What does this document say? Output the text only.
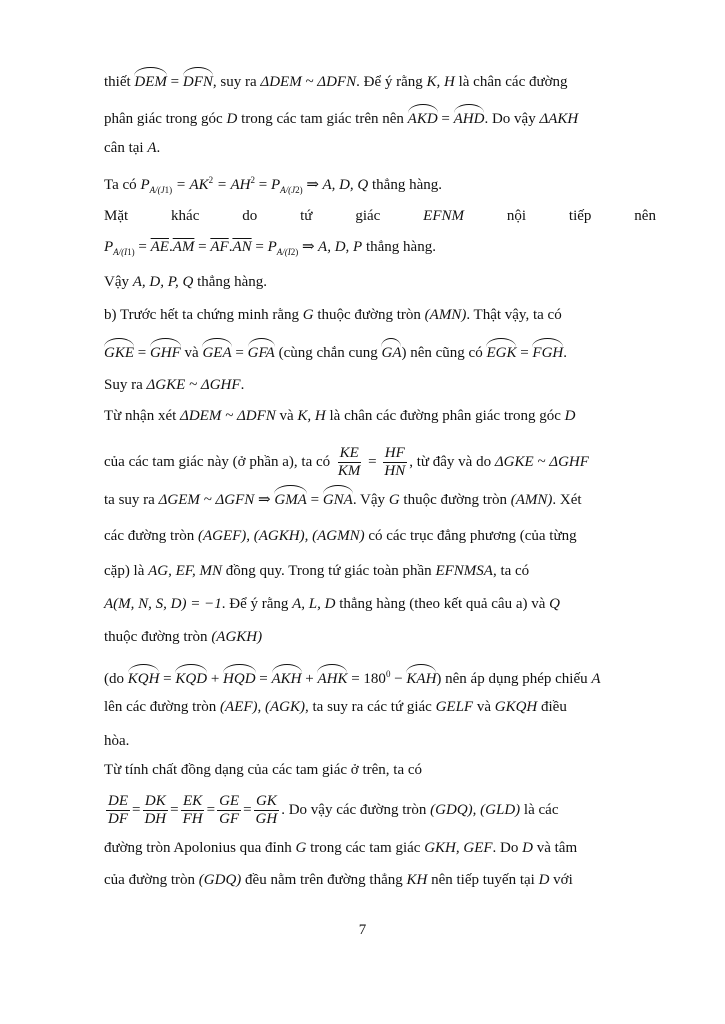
thiết DEM = DFN, suy ra ΔDEM ~ ΔDFN. Để ý rằng K, H là chân các đường
phân giác trong góc D trong các tam giác trên nên AKD = AHD. Do vậy ΔAKH
cân tại A.
Ta có $P_{A/(J1)} = AK^2 = AH^2 = P_{A/(J2)}$ ⇒ A, D, Q thẳng hàng.
Mặt	khác	do	tứ	giác	EFNM	nội	tiếp	nên
$P_{A/(I1)} = \overline{AE}.\overline{AM} = \overline{AF}.\overline{AN} = P_{A/(I2)}$ ⇒ A, D, P thẳng hàng.
Vậy A, D, P, Q thẳng hàng.
b) Trước hết ta chứng minh rằng G thuộc đường tròn (AMN). Thật vậy, ta có
GKE = GHF và GEA = GFA (cùng chắn cung GA) nên cũng có EGK = FGH.
Suy ra ΔGKE ~ ΔGHF.
Từ nhận xét ΔDEM ~ ΔDFN và K, H là chân các đường phân giác trong góc D
của các tam giác này (ở phần a), ta có $\frac{KE}{KM} = \frac{HF}{HN}$ , từ đây và do ΔGKE ~ ΔGHF
ta suy ra ΔGEM ~ ΔGFN ⇒ GMA = GNA. Vậy G thuộc đường tròn (AMN). Xét
các đường tròn (AGEF), (AGKH), (AGMN) có các trục đẳng phương (của từng
cặp) là AG, EF, MN đồng quy. Trong tứ giác toàn phần EFNMSA, ta có
A(M, N, S, D) = −1. Để ý rằng A, L, D thẳng hàng (theo kết quả câu a) và Q
thuộc đường tròn (AGKH)
(do KQH = KQD + HQD = AKH + AHK = $180^0 - KAH$) nên áp dụng phép chiếu A
lên các đường tròn (AEF), (AGK), ta suy ra các tứ giác GELF và GKQH điều
hòa.
Từ tính chất đồng dạng của các tam giác ở trên, ta có
$\frac{DE}{DF} = \frac{DK}{DH} = \frac{EK}{FH} = \frac{GE}{GF} = \frac{GK}{GH}$ . Do vậy các đường tròn (GDQ), (GLD) là các
đường tròn Apolonius qua đỉnh G trong các tam giác GKH, GEF. Do D và tâm
của đường tròn (GDQ) đều nằm trên đường thẳng KH nên tiếp tuyến tại D với
7
